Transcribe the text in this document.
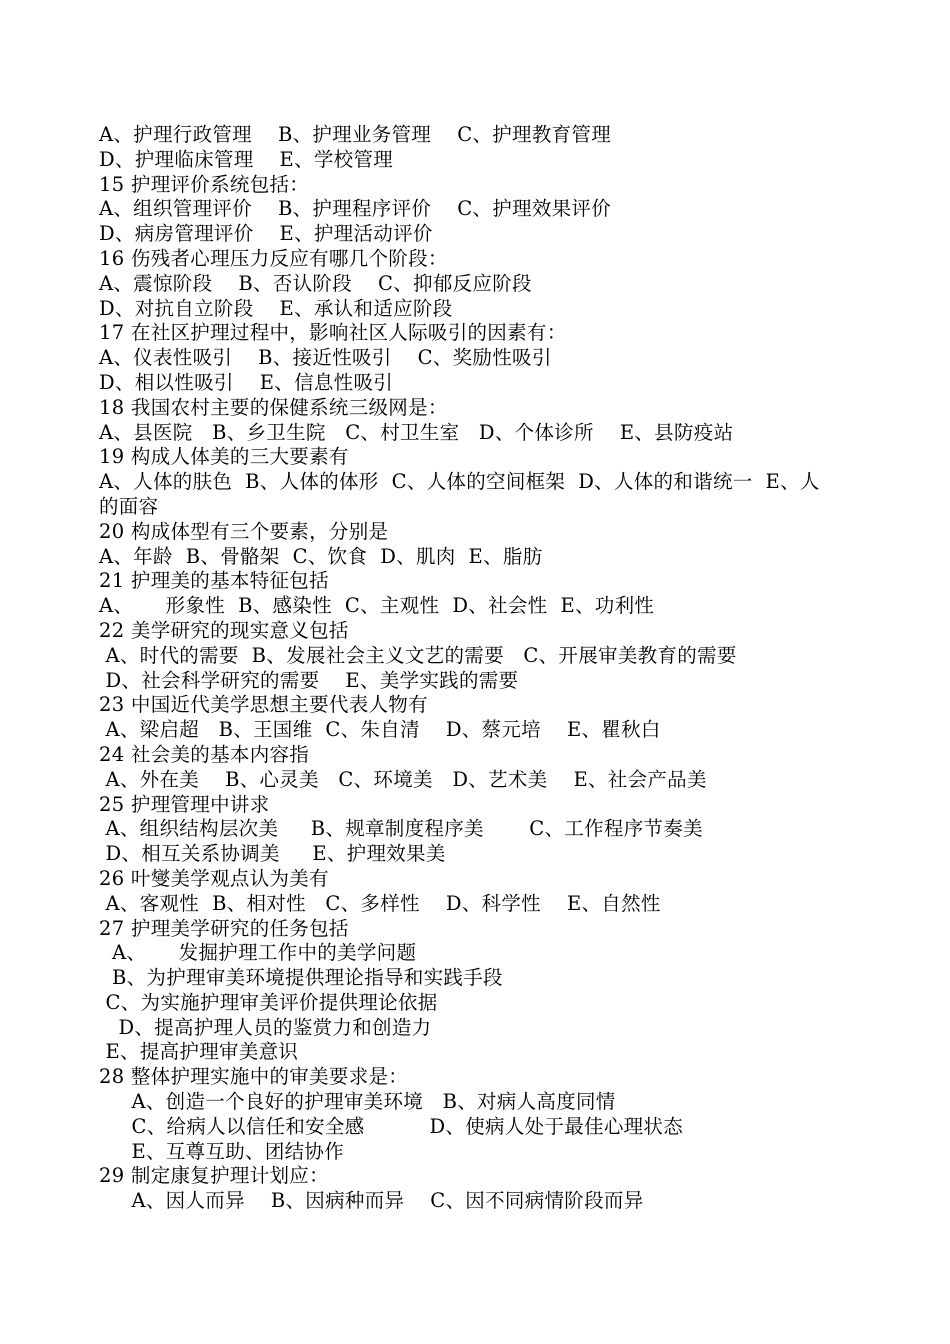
A、护理行政管理    B、护理业务管理    C、护理教育管理
D、护理临床管理    E、学校管理
15 护理评价系统包括：
A、组织管理评价    B、护理程序评价    C、护理效果评价
D、病房管理评价    E、护理活动评价
16 伤残者心理压力反应有哪几个阶段：
A、震惊阶段    B、否认阶段    C、抑郁反应阶段
D、对抗自立阶段    E、承认和适应阶段
17 在社区护理过程中，影响社区人际吸引的因素有：
A、仪表性吸引    B、接近性吸引    C、奖励性吸引
D、相以性吸引    E、信息性吸引
18 我国农村主要的保健系统三级网是：
A、县医院   B、乡卫生院   C、村卫生室   D、个体诊所    E、县防疫站
19 构成人体美的三大要素有
A、人体的肤色  B、人体的体形  C、人体的空间框架  D、人体的和谐统一  E、人
的面容
20 构成体型有三个要素，分别是
A、年龄  B、骨骼架  C、饮食  D、肌肉  E、脂肪
21 护理美的基本特征包括
A、     形象性  B、感染性  C、主观性  D、社会性  E、功利性
22 美学研究的现实意义包括
A、时代的需要  B、发展社会主义文艺的需要   C、开展审美教育的需要
D、社会科学研究的需要    E、美学实践的需要
23 中国近代美学思想主要代表人物有
A、梁启超   B、王国维  C、朱自清    D、蔡元培    E、瞿秋白
24 社会美的基本内容指
A、外在美    B、心灵美   C、环境美   D、艺术美    E、社会产品美
25 护理管理中讲求
A、组织结构层次美     B、规章制度程序美       C、工作程序节奏美
D、相互关系协调美     E、护理效果美
26 叶燮美学观点认为美有
A、客观性  B、相对性   C、多样性    D、科学性    E、自然性
27 护理美学研究的任务包括
A、     发掘护理工作中的美学问题
B、为护理审美环境提供理论指导和实践手段
C、为实施护理审美评价提供理论依据
D、提高护理人员的鉴赏力和创造力
E、提高护理审美意识
28 整体护理实施中的审美要求是：
A、创造一个良好的护理审美环境   B、对病人高度同情
C、给病人以信任和安全感          D、使病人处于最佳心理状态
E、互尊互助、团结协作
29 制定康复护理计划应：
A、因人而异    B、因病种而异    C、因不同病情阶段而异
